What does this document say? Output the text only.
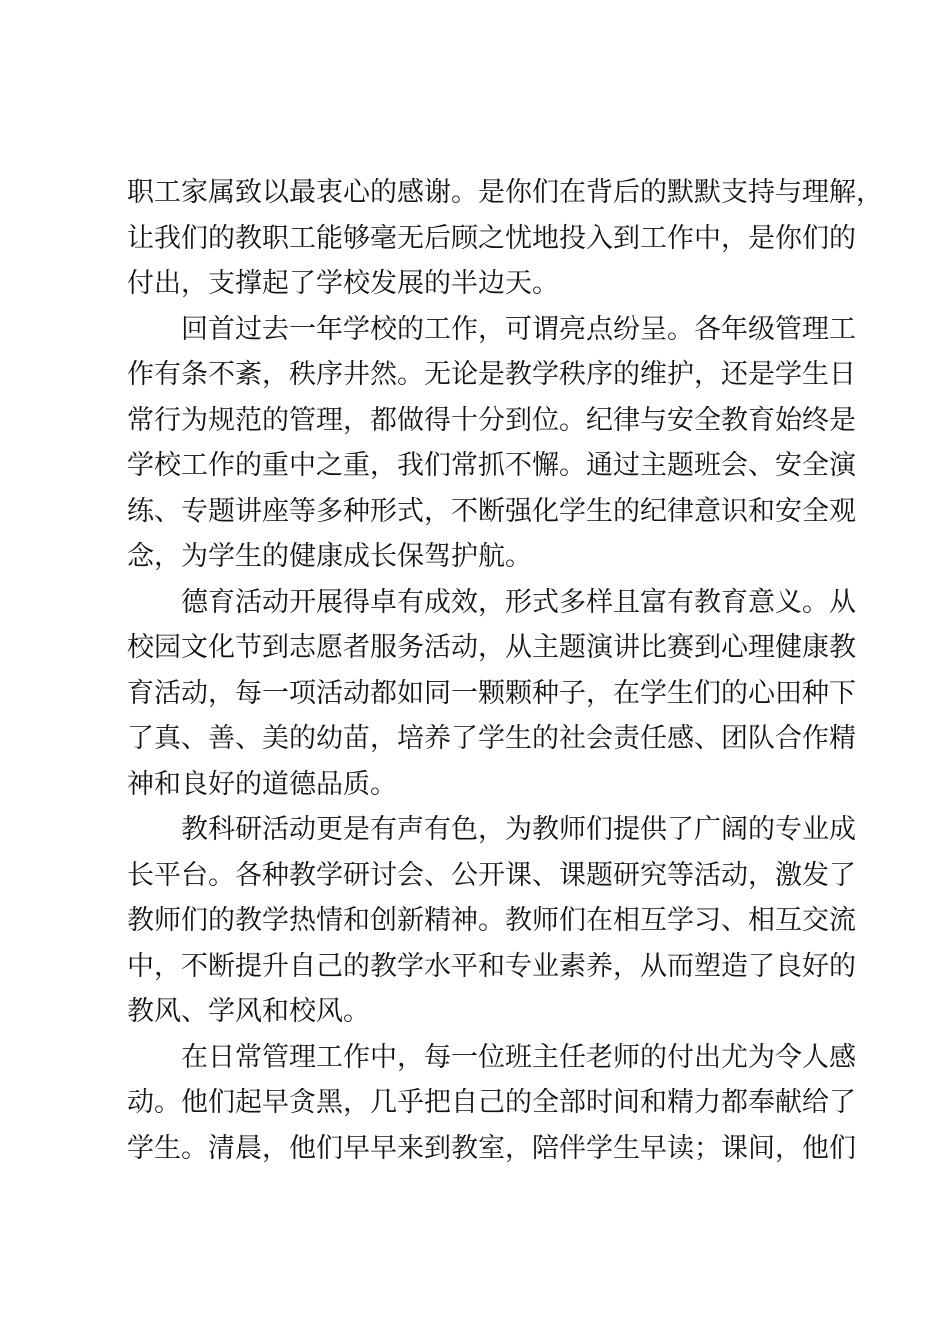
职工家属致以最衷心的感谢。是你们在背后的默默支持与理解，
让我们的教职工能够毫无后顾之忧地投入到工作中，是你们的
付出，支撑起了学校发展的半边天。
回首过去一年学校的工作，可谓亮点纷呈。各年级管理工
作有条不紊，秩序井然。无论是教学秩序的维护，还是学生日
常行为规范的管理，都做得十分到位。纪律与安全教育始终是
学校工作的重中之重，我们常抓不懈。通过主题班会、安全演
练、专题讲座等多种形式，不断强化学生的纪律意识和安全观
念，为学生的健康成长保驾护航。
德育活动开展得卓有成效，形式多样且富有教育意义。从
校园文化节到志愿者服务活动，从主题演讲比赛到心理健康教
育活动，每一项活动都如同一颗颗种子，在学生们的心田种下
了真、善、美的幼苗，培养了学生的社会责任感、团队合作精
神和良好的道德品质。
教科研活动更是有声有色，为教师们提供了广阔的专业成
长平台。各种教学研讨会、公开课、课题研究等活动，激发了
教师们的教学热情和创新精神。教师们在相互学习、相互交流
中，不断提升自己的教学水平和专业素养，从而塑造了良好的
教风、学风和校风。
在日常管理工作中，每一位班主任老师的付出尤为令人感
动。他们起早贪黑，几乎把自己的全部时间和精力都奉献给了
学生。清晨，他们早早来到教室，陪伴学生早读；课间，他们
